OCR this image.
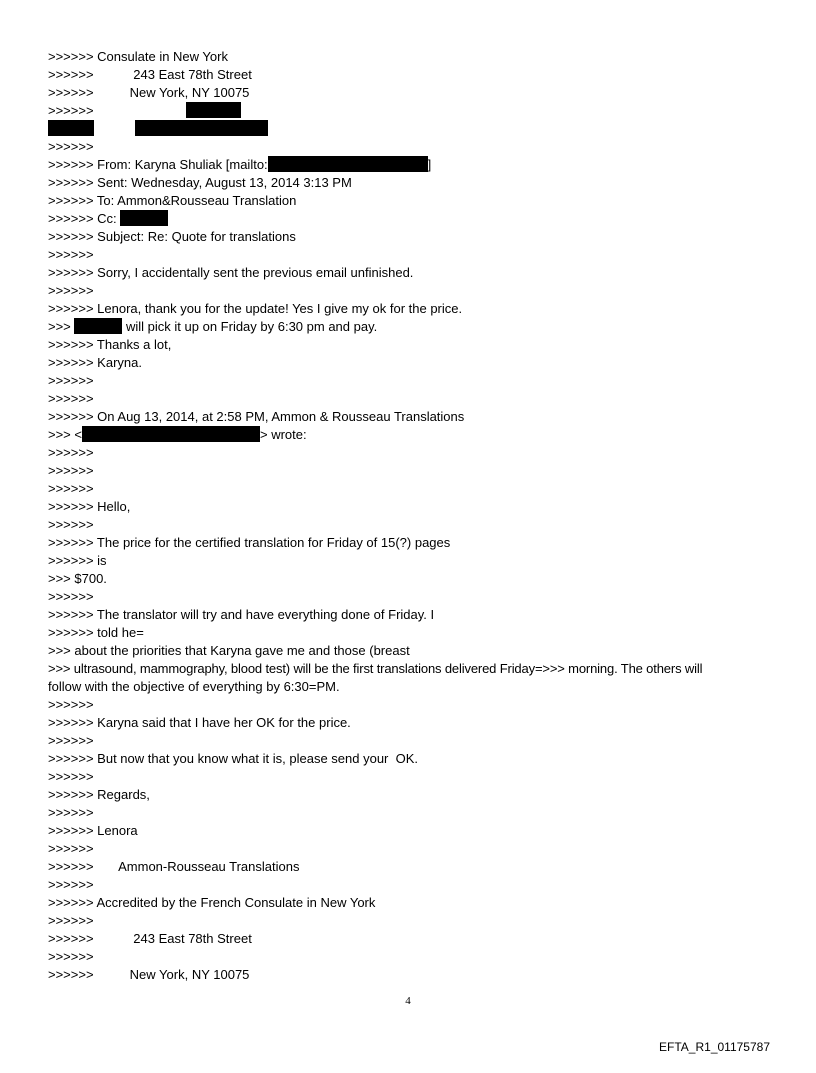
>>>>>> Consulate in New York
>>>>>>           243 East 78th Street
>>>>>>          New York, NY 10075
>>>>>>
>>>>>>
>>>>>> From: Karyna Shuliak [mailto:	]
>>>>>> Sent: Wednesday, August 13, 2014 3:13 PM
>>>>>> To: Ammon&Rousseau Translation
>>>>>> Cc:
>>>>>> Subject: Re: Quote for translations
>>>>>>
>>>>>> Sorry, I accidentally sent the previous email unfinished.
>>>>>>
>>>>>> Lenora, thank you for the update! Yes I give my ok for the price.
>>>	will pick it up on Friday by 6:30 pm and pay.
>>>>>> Thanks a lot,
>>>>>> Karyna.
>>>>>>
>>>>>>
>>>>>> On Aug 13, 2014, at 2:58 PM, Ammon & Rousseau Translations
>>> <	> wrote:
>>>>>>
>>>>>>
>>>>>>
>>>>>> Hello,
>>>>>>
>>>>>> The price for the certified translation for Friday of 15(?) pages
>>>>>> is
>>> $700.
>>>>>>
>>>>>> The translator will try and have everything done of Friday. I
>>>>>> told he=
>>> about the priorities that Karyna gave me and those (breast
>>> ultrasound, mammography, blood test) will be the first translations delivered Friday=>>> morning. The others will
follow with the objective of everything by 6:30=PM.
>>>>>>
>>>>>> Karyna said that I have her OK for the price.
>>>>>>
>>>>>> But now that you know what it is, please send your  OK.
>>>>>>
>>>>>> Regards,
>>>>>>
>>>>>> Lenora
>>>>>>
>>>>>>       Ammon-Rousseau Translations
>>>>>>
>>>>>> Accredited by the French Consulate in New York
>>>>>>
>>>>>>           243 East 78th Street
>>>>>>
>>>>>>          New York, NY 10075
4
EFTA_R1_01175787
